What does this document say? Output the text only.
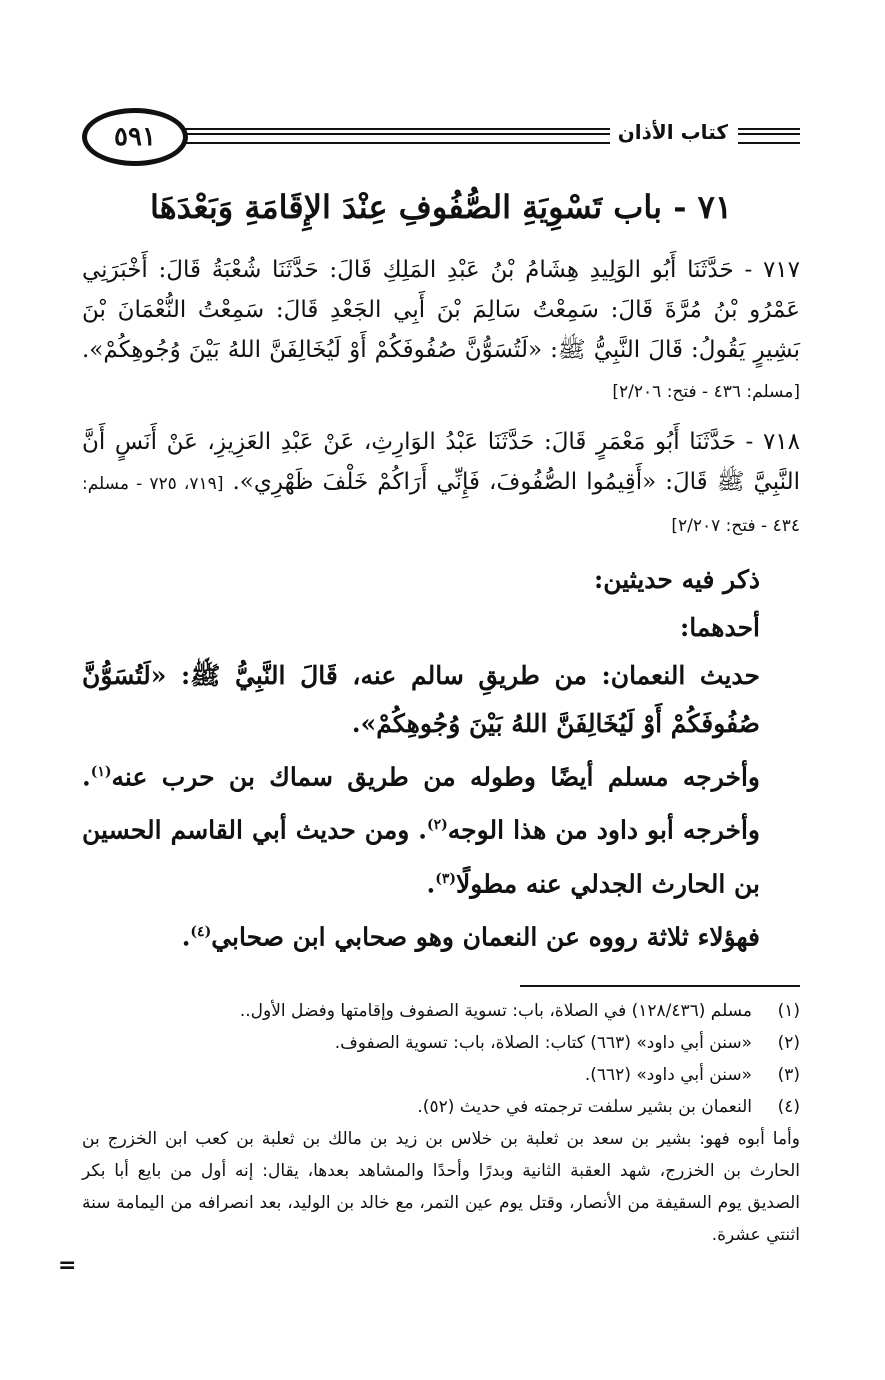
٥٩١	كتاب الأذان
٧١ - باب تَسْوِيَةِ الصُّفُوفِ عِنْدَ الإِقَامَةِ وَبَعْدَهَا

٧١٧ - حَدَّثَنَا أَبُو الوَلِيدِ هِشَامُ بْنُ عَبْدِ المَلِكِ قَالَ: حَدَّثَنَا شُعْبَةُ قَالَ: أَخْبَرَنِي عَمْرُو بْنُ مُرَّةَ قَالَ: سَمِعْتُ سَالِمَ بْنَ أَبِي الجَعْدِ قَالَ: سَمِعْتُ النُّعْمَانَ بْنَ بَشِيرٍ يَقُولُ: قَالَ النَّبِيُّ ﷺ: «لَتُسَوُّنَّ صُفُوفَكُمْ أَوْ لَيُخَالِفَنَّ اللهُ بَيْنَ وُجُوهِكُمْ». [مسلم: ٤٣٦ - فتح: ٢/٢٠٦]

٧١٨ - حَدَّثَنَا أَبُو مَعْمَرٍ قَالَ: حَدَّثَنَا عَبْدُ الوَارِثِ، عَنْ عَبْدِ العَزِيزِ، عَنْ أَنَسٍ أَنَّ النَّبِيَّ ﷺ قَالَ: «أَقِيمُوا الصُّفُوفَ، فَإِنِّي أَرَاكُمْ خَلْفَ ظَهْرِي». [٧١٩، ٧٢٥ - مسلم: ٤٣٤ - فتح: ٢/٢٠٧]

ذكر فيه حديثين:

أحدهما:

حديث النعمان: من طريقِ سالم عنه، قَالَ النَّبِيُّ ﷺ: «لَتُسَوُّنَّ صُفُوفَكُمْ أَوْ لَيُخَالِفَنَّ اللهُ بَيْنَ وُجُوهِكُمْ».

وأخرجه مسلم أيضًا وطوله من طريق سماك بن حرب عنه$^{(١)}$. وأخرجه أبو داود من هذا الوجه$^{(٢)}$. ومن حديث أبي القاسم الحسين بن الحارث الجدلي عنه مطولًا$^{(٣)}$.

فهؤلاء ثلاثة رووه عن النعمان وهو صحابي ابن صحابي$^{(٤)}$.

(١)مسلم (١٢٨/٤٣٦) في الصلاة، باب: تسوية الصفوف وإقامتها وفضل الأول..

(٢)«سنن أبي داود» (٦٦٣) كتاب: الصلاة، باب: تسوية الصفوف.

(٣)«سنن أبي داود» (٦٦٢).

(٤)النعمان بن بشير سلفت ترجمته في حديث (٥٢).

وأما أبوه فهو: بشير بن سعد بن ثعلبة بن خلاس بن زيد بن مالك بن ثعلبة بن كعب ابن الخزرج بن الحارث بن الخزرج، شهد العقبة الثانية وبدرًا وأحدًا والمشاهد بعدها، يقال: إنه أول من بايع أبا بكر الصديق يوم السقيفة من الأنصار، وقتل يوم عين التمر، مع خالد بن الوليد، بعد انصرافه من اليمامة سنة اثنتي عشرة.

=
